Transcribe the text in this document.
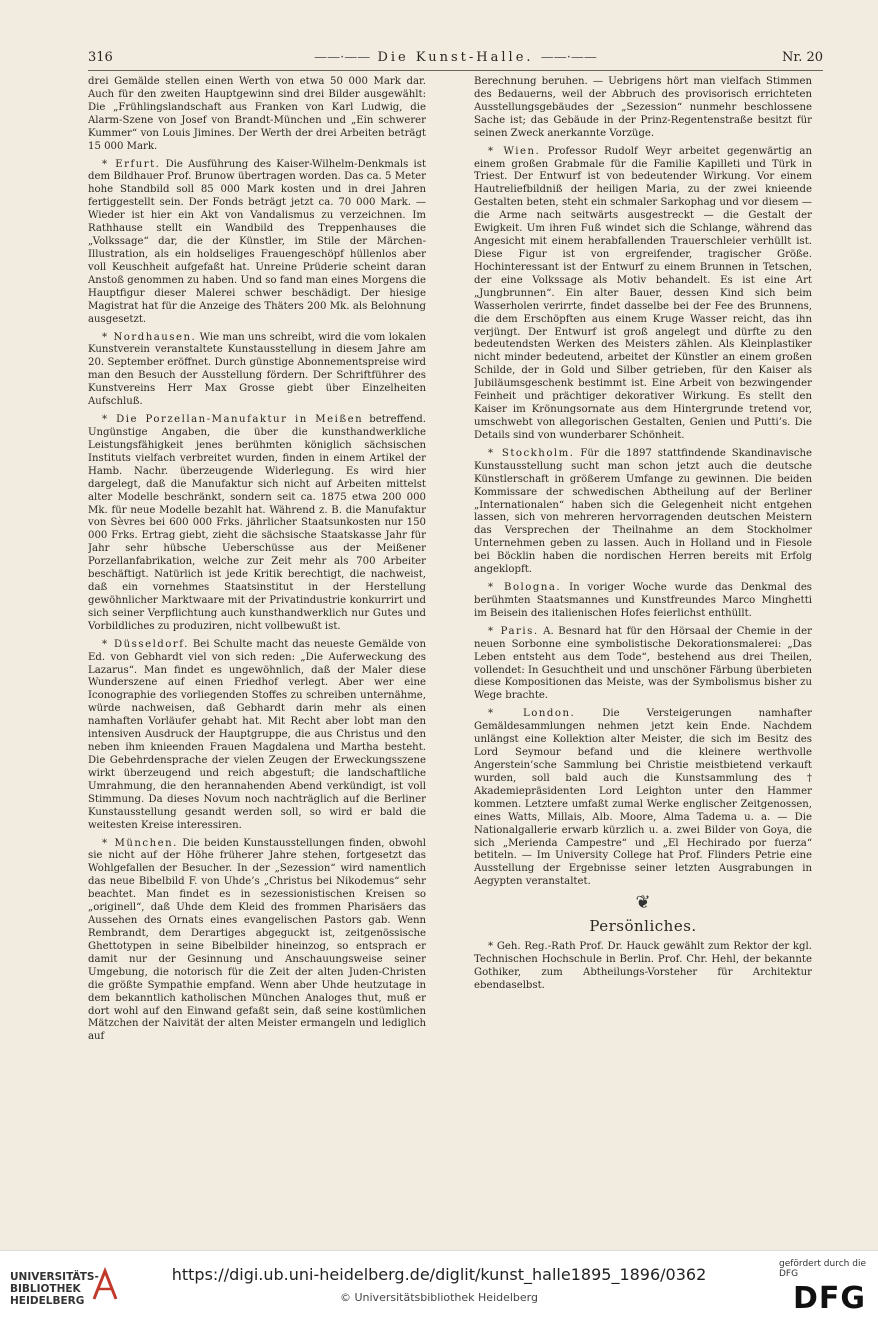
316	——·—— Die Kunst-Halle. ——·——	Nr. 20

drei Gemälde stellen einen Werth von etwa 50 000 Mark dar. Auch für den zweiten Hauptgewinn sind drei Bilder ausgewählt: Die „Frühlingslandschaft aus Franken von Karl Ludwig, die Alarm-Szene von Josef von Brandt-München und „Ein schwerer Kummer“ von Louis Jimines. Der Werth der drei Arbeiten beträgt 15 000 Mark.

* Erfurt. Die Ausführung des Kaiser-Wilhelm-Denkmals ist dem Bildhauer Prof. Brunow übertragen worden. Das ca. 5 Meter hohe Standbild soll 85 000 Mark kosten und in drei Jahren fertiggestellt sein. Der Fonds beträgt jetzt ca. 70 000 Mark. — Wieder ist hier ein Akt von Vandalismus zu verzeichnen. Im Rathhause stellt ein Wandbild des Treppenhauses die „Volkssage“ dar, die der Künstler, im Stile der Märchen-Illustration, als ein holdseliges Frauengeschöpf hüllenlos aber voll Keuschheit aufgefaßt hat. Unreine Prüderie scheint daran Anstoß genommen zu haben. Und so fand man eines Morgens die Hauptfigur dieser Malerei schwer beschädigt. Der hiesige Magistrat hat für die Anzeige des Thäters 200 Mk. als Belohnung ausgesetzt.

* Nordhausen. Wie man uns schreibt, wird die vom lokalen Kunstverein veranstaltete Kunstausstellung in diesem Jahre am 20. September eröffnet. Durch günstige Abonnementspreise wird man den Besuch der Ausstellung fördern. Der Schriftführer des Kunstvereins Herr Max Grosse giebt über Einzelheiten Aufschluß.

* Die Porzellan-Manufaktur in Meißen betreffend. Ungünstige Angaben, die über die kunsthandwerkliche Leistungsfähigkeit jenes berühmten königlich sächsischen Instituts vielfach verbreitet wurden, finden in einem Artikel der Hamb. Nachr. überzeugende Widerlegung. Es wird hier dargelegt, daß die Manufaktur sich nicht auf Arbeiten mittelst alter Modelle beschränkt, sondern seit ca. 1875 etwa 200 000 Mk. für neue Modelle bezahlt hat. Während z. B. die Manufaktur von Sèvres bei 600 000 Frks. jährlicher Staatsunkosten nur 150 000 Frks. Ertrag giebt, zieht die sächsische Staatskasse Jahr für Jahr sehr hübsche Ueberschüsse aus der Meißener Porzellanfabrikation, welche zur Zeit mehr als 700 Arbeiter beschäftigt. Natürlich ist jede Kritik berechtigt, die nachweist, daß ein vornehmes Staatsinstitut in der Herstellung gewöhnlicher Marktwaare mit der Privatindustrie konkurrirt und sich seiner Verpflichtung auch kunsthandwerklich nur Gutes und Vorbildliches zu produziren, nicht vollbewußt ist.

* Düsseldorf. Bei Schulte macht das neueste Gemälde von Ed. von Gebhardt viel von sich reden: „Die Auferweckung des Lazarus“. Man findet es ungewöhnlich, daß der Maler diese Wunderszene auf einen Friedhof verlegt. Aber wer eine Iconographie des vorliegenden Stoffes zu schreiben unternähme, würde nachweisen, daß Gebhardt darin mehr als einen namhaften Vorläufer gehabt hat. Mit Recht aber lobt man den intensiven Ausdruck der Hauptgruppe, die aus Christus und den neben ihm knieenden Frauen Magdalena und Martha besteht. Die Gebehrdensprache der vielen Zeugen der Erweckungsszene wirkt überzeugend und reich abgestuft; die landschaftliche Umrahmung, die den herannahenden Abend verkündigt, ist voll Stimmung. Da dieses Novum noch nachträglich auf die Berliner Kunstausstellung gesandt werden soll, so wird er bald die weitesten Kreise interessiren.

* München. Die beiden Kunstausstellungen finden, obwohl sie nicht auf der Höhe früherer Jahre stehen, fortgesetzt das Wohlgefallen der Besucher. In der „Sezession“ wird namentlich das neue Bibelbild F. von Uhde’s „Christus bei Nikodemus“ sehr beachtet. Man findet es in sezessionistischen Kreisen so „originell“, daß Uhde dem Kleid des frommen Pharisäers das Aussehen des Ornats eines evangelischen Pastors gab. Wenn Rembrandt, dem Derartiges abgeguckt ist, zeitgenössische Ghettotypen in seine Bibelbilder hineinzog, so entsprach er damit nur der Gesinnung und Anschauungsweise seiner Umgebung, die notorisch für die Zeit der alten Juden-Christen die größte Sympathie empfand. Wenn aber Uhde heutzutage in dem bekanntlich katholischen München Analoges thut, muß er dort wohl auf den Einwand gefaßt sein, daß seine kostümlichen Mätzchen der Naivität der alten Meister ermangeln und lediglich auf

Berechnung beruhen. — Uebrigens hört man vielfach Stimmen des Bedauerns, weil der Abbruch des provisorisch errichteten Ausstellungsgebäudes der „Sezession“ nunmehr beschlossene Sache ist; das Gebäude in der Prinz-Regentenstraße besitzt für seinen Zweck anerkannte Vorzüge.

* Wien. Professor Rudolf Weyr arbeitet gegenwärtig an einem großen Grabmale für die Familie Kapilleti und Türk in Triest. Der Entwurf ist von bedeutender Wirkung. Vor einem Hautreliefbildniß der heiligen Maria, zu der zwei knieende Gestalten beten, steht ein schmaler Sarkophag und vor diesem — die Arme nach seitwärts ausgestreckt — die Gestalt der Ewigkeit. Um ihren Fuß windet sich die Schlange, während das Angesicht mit einem herabfallenden Trauerschleier verhüllt ist. Diese Figur ist von ergreifender, tragischer Größe. Hochinteressant ist der Entwurf zu einem Brunnen in Tetschen, der eine Volkssage als Motiv behandelt. Es ist eine Art „Jungbrunnen“. Ein alter Bauer, dessen Kind sich beim Wasserholen verirrte, findet dasselbe bei der Fee des Brunnens, die dem Erschöpften aus einem Kruge Wasser reicht, das ihn verjüngt. Der Entwurf ist groß angelegt und dürfte zu den bedeutendsten Werken des Meisters zählen. Als Kleinplastiker nicht minder bedeutend, arbeitet der Künstler an einem großen Schilde, der in Gold und Silber getrieben, für den Kaiser als Jubiläumsgeschenk bestimmt ist. Eine Arbeit von bezwingender Feinheit und prächtiger dekorativer Wirkung. Es stellt den Kaiser im Krönungsornate aus dem Hintergrunde tretend vor, umschwebt von allegorischen Gestalten, Genien und Putti’s. Die Details sind von wunderbarer Schönheit.

* Stockholm. Für die 1897 stattfindende Skandinavische Kunstausstellung sucht man schon jetzt auch die deutsche Künstlerschaft in größerem Umfange zu gewinnen. Die beiden Kommissare der schwedischen Abtheilung auf der Berliner „Internationalen“ haben sich die Gelegenheit nicht entgehen lassen, sich von mehreren hervorragenden deutschen Meistern das Versprechen der Theilnahme an dem Stockholmer Unternehmen geben zu lassen. Auch in Holland und in Fiesole bei Böcklin haben die nordischen Herren bereits mit Erfolg angeklopft.

* Bologna. In voriger Woche wurde das Denkmal des berühmten Staatsmannes und Kunstfreundes Marco Minghetti im Beisein des italienischen Hofes feierlichst enthüllt.

* Paris. A. Besnard hat für den Hörsaal der Chemie in der neuen Sorbonne eine symbolistische Dekorationsmalerei: „Das Leben entsteht aus dem Tode“, bestehend aus drei Theilen, vollendet: In Gesuchtheit und und unschöner Färbung überbieten diese Kompositionen das Meiste, was der Symbolismus bisher zu Wege brachte.

* London.	Die Versteigerungen namhafter Gemäldesammlungen nehmen jetzt kein Ende. Nachdem unlängst eine Kollektion alter Meister, die sich im Besitz des Lord Seymour befand und die kleinere werthvolle Angerstein’sche Sammlung bei Christie meistbietend verkauft wurden, soll bald auch die Kunstsammlung des † Akademiepräsidenten Lord Leighton unter den Hammer kommen. Letztere umfaßt zumal Werke englischer Zeitgenossen, eines Watts, Millais, Alb. Moore, Alma Tadema u. a. — Die Nationalgallerie erwarb kürzlich u. a. zwei Bilder von Goya, die sich „Merienda Campestre“ und „El Hechirado por fuerza“ betiteln. — Im University College hat Prof. Flinders Petrie eine Ausstellung der Ergebnisse seiner letzten Ausgrabungen in Aegypten veranstaltet.

❦
Persönliches.

* Geh. Reg.-Rath Prof. Dr. Hauck gewählt zum Rektor der kgl. Technischen Hochschule in Berlin. Prof. Chr. Hehl, der bekannte Gothiker, zum Abtheilungs-Vorsteher für Architektur ebendaselbst.

UNIVERSITÄTS-
BIBLIOTHEK
HEIDELBERG
https://digi.ub.uni-heidelberg.de/diglit/kunst_halle1895_1896/0362
© Universitätsbibliothek Heidelberg
gefördert durch die
DFG
DFG
